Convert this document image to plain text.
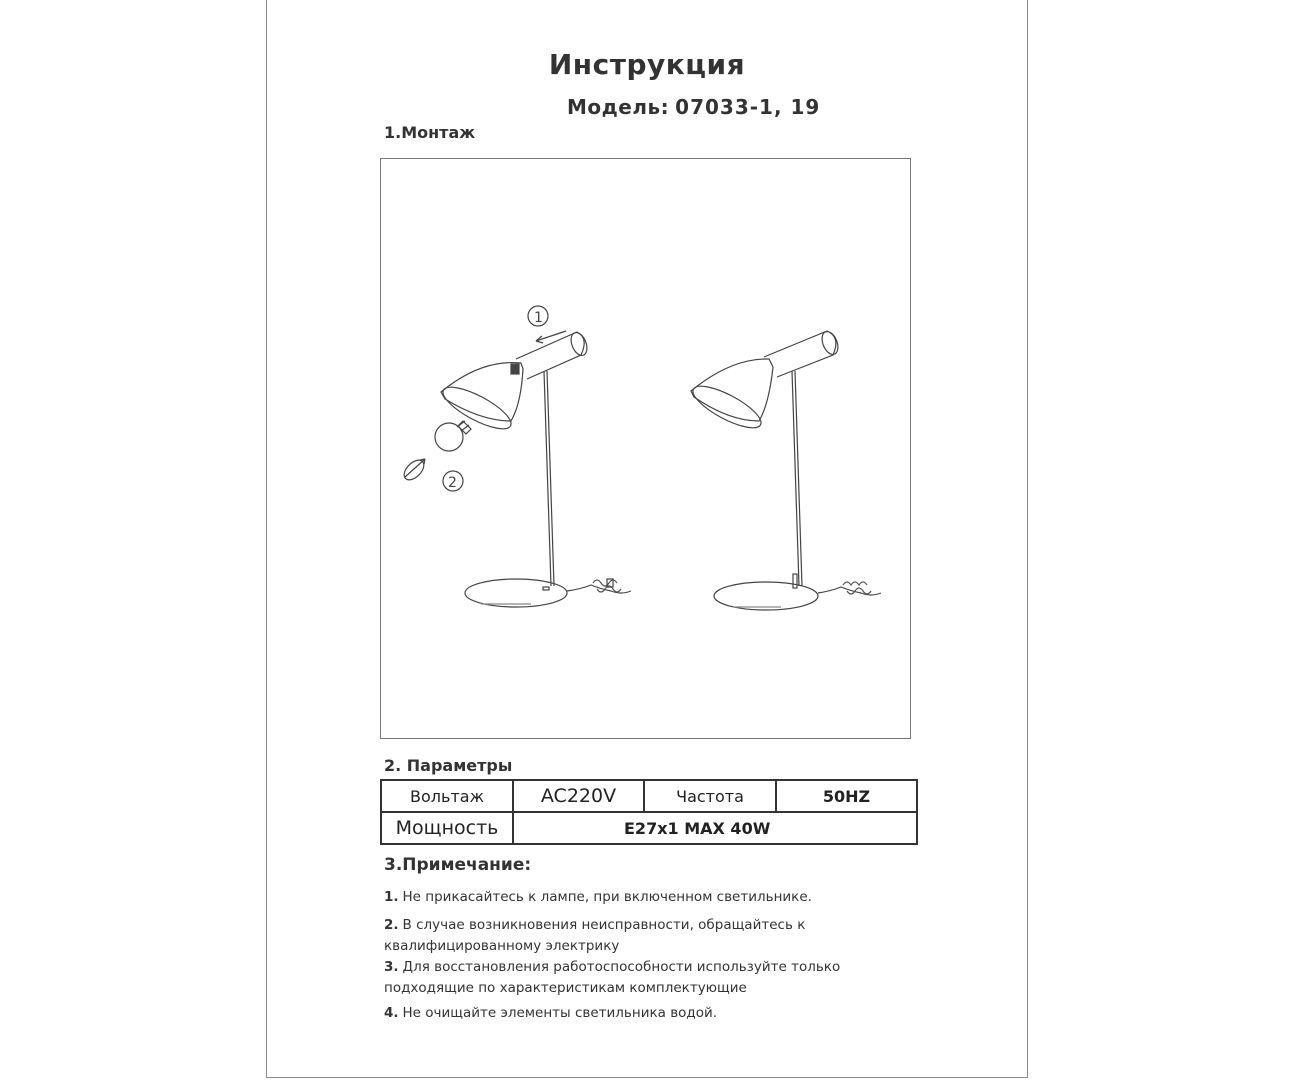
Инструкция
Модель: 07033-1, 19
1.Монтаж
1
2
2. Параметры
Вольтаж	AC220V	Частота	50HZ
Мощность	E27x1 MAX 40W		
3.Примечание:
1. Не прикасайтесь к лампе, при включенном светильнике.
2. В случае возникновения неисправности, обращайтесь к квалифицированному электрику
3. Для восстановления работоспособности используйте только подходящие по характеристикам комплектующие
4. Не очищайте элементы светильника водой.
